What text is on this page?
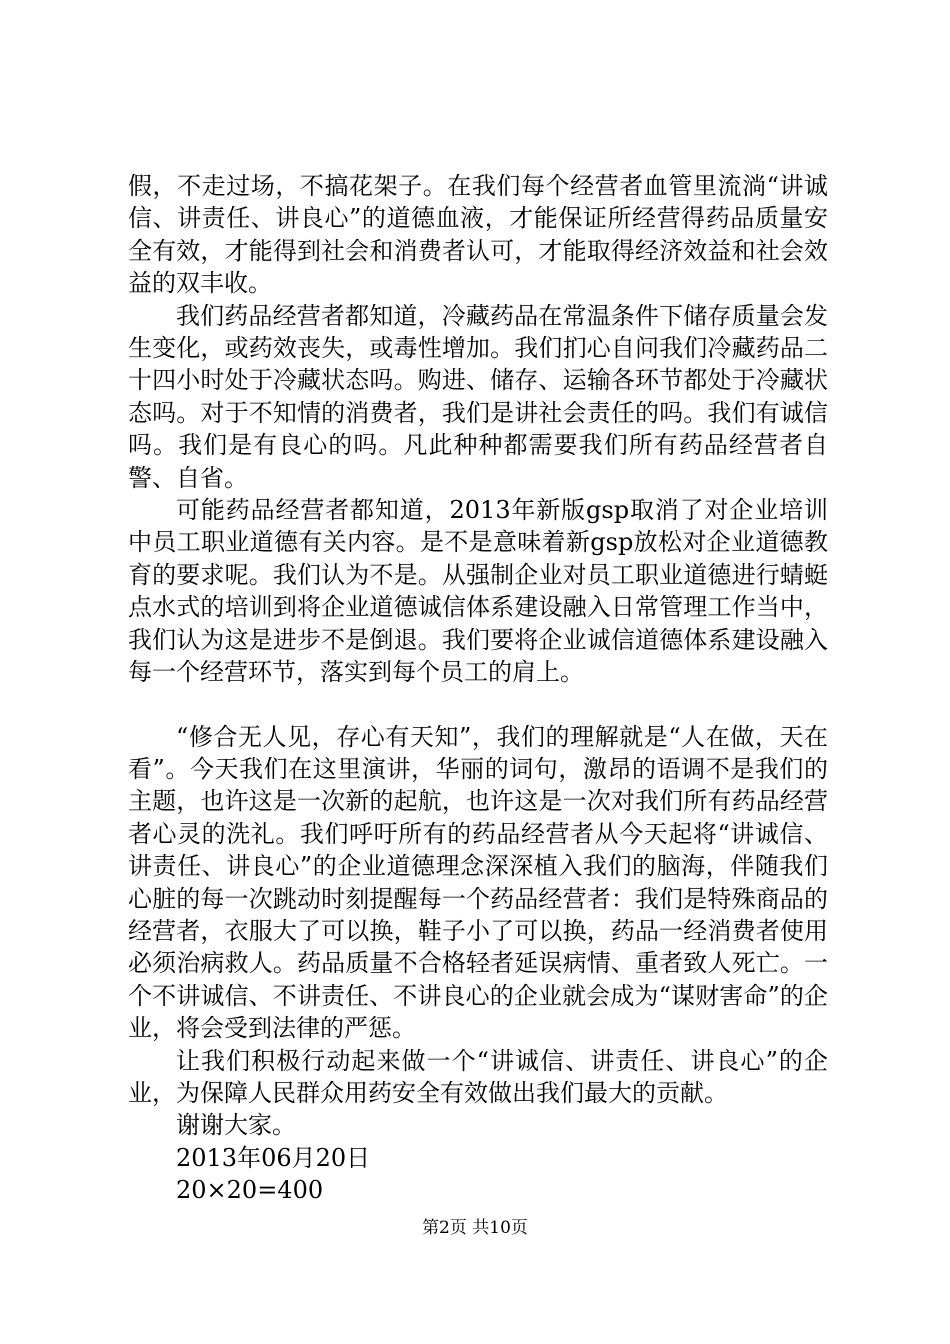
假，不走过场，不搞花架子。在我们每个经营者血管里流淌“讲诚信、讲责任、讲良心”的道德血液，才能保证所经营得药品质量安全有效，才能得到社会和消费者认可，才能取得经济效益和社会效益的双丰收。

我们药品经营者都知道，冷藏药品在常温条件下储存质量会发生变化，或药效丧失，或毒性增加。我们扪心自问我们冷藏药品二十四小时处于冷藏状态吗。购进、储存、运输各环节都处于冷藏状态吗。对于不知情的消费者，我们是讲社会责任的吗。我们有诚信吗。我们是有良心的吗。凡此种种都需要我们所有药品经营者自警、自省。

可能药品经营者都知道，2013年新版gsp取消了对企业培训中员工职业道德有关内容。是不是意味着新gsp放松对企业道德教育的要求呢。我们认为不是。从强制企业对员工职业道德进行蜻蜓点水式的培训到将企业道德诚信体系建设融入日常管理工作当中，我们认为这是进步不是倒退。我们要将企业诚信道德体系建设融入每一个经营环节，落实到每个员工的肩上。

“修合无人见，存心有天知”，我们的理解就是“人在做，天在看”。今天我们在这里演讲，华丽的词句，激昂的语调不是我们的主题，也许这是一次新的起航，也许这是一次对我们所有药品经营者心灵的洗礼。我们呼吁所有的药品经营者从今天起将“讲诚信、讲责任、讲良心”的企业道德理念深深植入我们的脑海，伴随我们心脏的每一次跳动时刻提醒每一个药品经营者：我们是特殊商品的经营者，衣服大了可以换，鞋子小了可以换，药品一经消费者使用必须治病救人。药品质量不合格轻者延误病情、重者致人死亡。一个不讲诚信、不讲责任、不讲良心的企业就会成为“谋财害命”的企业，将会受到法律的严惩。

让我们积极行动起来做一个“讲诚信、讲责任、讲良心”的企业，为保障人民群众用药安全有效做出我们最大的贡献。

谢谢大家。

2013年06月20日

20×20=400

第2页 共10页
